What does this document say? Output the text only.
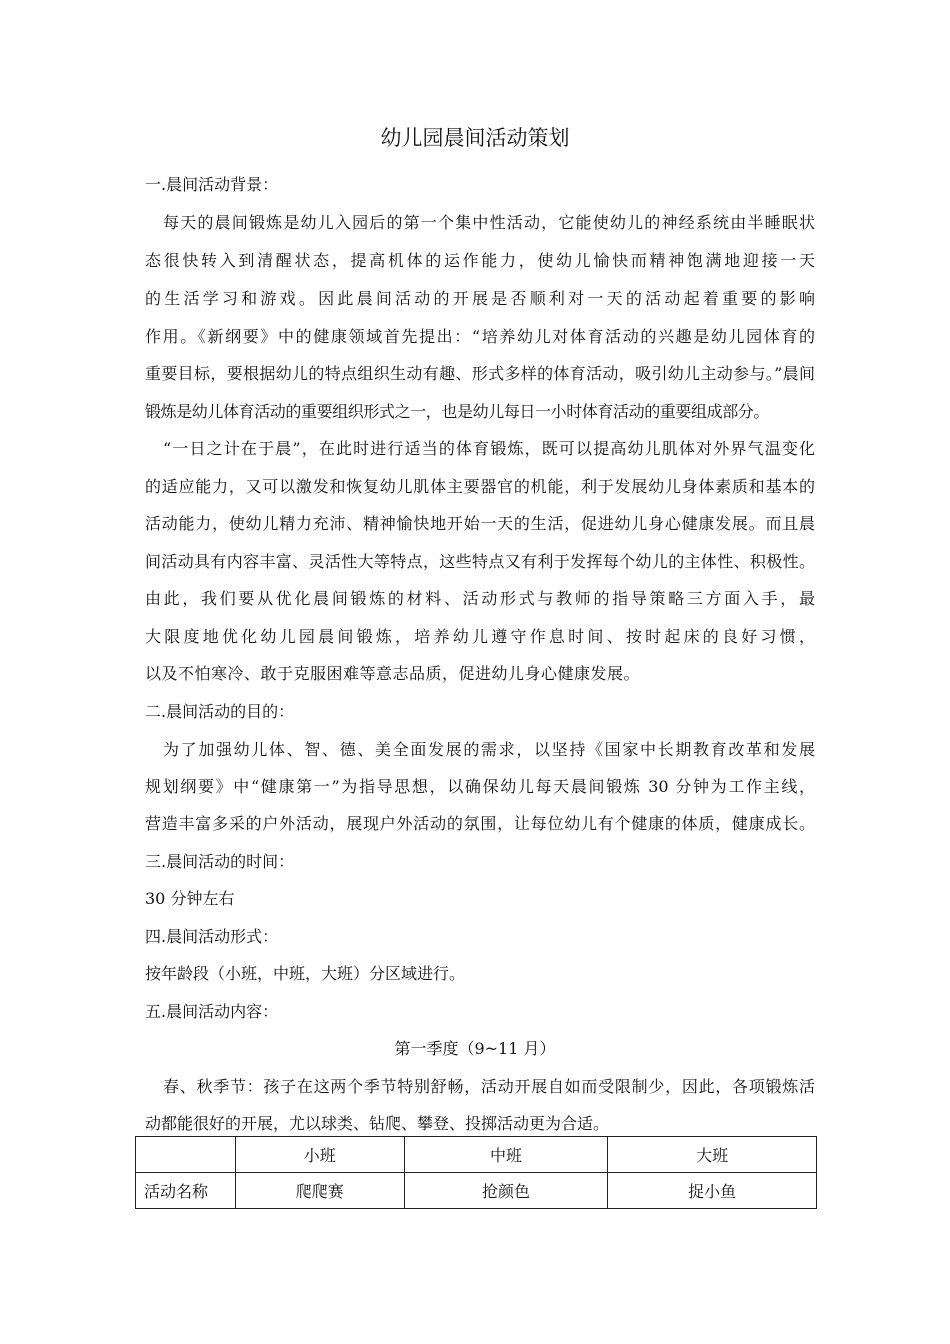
幼儿园晨间活动策划
一.晨间活动背景：
每天的晨间锻炼是幼儿入园后的第一个集中性活动，它能使幼儿的神经系统由半睡眠状
态很快转入到清醒状态，提高机体的运作能力，使幼儿愉快而精神饱满地迎接一天
的生活学习和游戏。因此晨间活动的开展是否顺利对一天的活动起着重要的影响
作用。《新纲要》中的健康领域首先提出：“培养幼儿对体育活动的兴趣是幼儿园体育的
重要目标，要根据幼儿的特点组织生动有趣、形式多样的体育活动，吸引幼儿主动参与。”晨间
锻炼是幼儿体育活动的重要组织形式之一，也是幼儿每日一小时体育活动的重要组成部分。
“一日之计在于晨”，在此时进行适当的体育锻炼，既可以提高幼儿肌体对外界气温变化
的适应能力，又可以激发和恢复幼儿肌体主要器官的机能，利于发展幼儿身体素质和基本的
活动能力，使幼儿精力充沛、精神愉快地开始一天的生活，促进幼儿身心健康发展。而且晨
间活动具有内容丰富、灵活性大等特点，这些特点又有利于发挥每个幼儿的主体性、积极性。
由此，我们要从优化晨间锻炼的材料、活动形式与教师的指导策略三方面入手，最
大限度地优化幼儿园晨间锻炼，培养幼儿遵守作息时间、按时起床的良好习惯，
以及不怕寒冷、敢于克服困难等意志品质，促进幼儿身心健康发展。
二.晨间活动的目的：
为了加强幼儿体、智、德、美全面发展的需求，以坚持《国家中长期教育改革和发展
规划纲要》中“健康第一”为指导思想，以确保幼儿每天晨间锻炼 30 分钟为工作主线，
营造丰富多采的户外活动，展现户外活动的氛围，让每位幼儿有个健康的体质，健康成长。
三.晨间活动的时间：
30 分钟左右
四.晨间活动形式：
按年龄段（小班，中班，大班）分区域进行。
五.晨间活动内容：
第一季度（9~11 月）
春、秋季节：孩子在这两个季节特别舒畅，活动开展自如而受限制少，因此，各项锻炼活
动都能很好的开展，尤以球类、钻爬、攀登、投掷活动更为合适。
	小班	中班	大班
活动名称	爬爬赛	抢颜色	捉小鱼
